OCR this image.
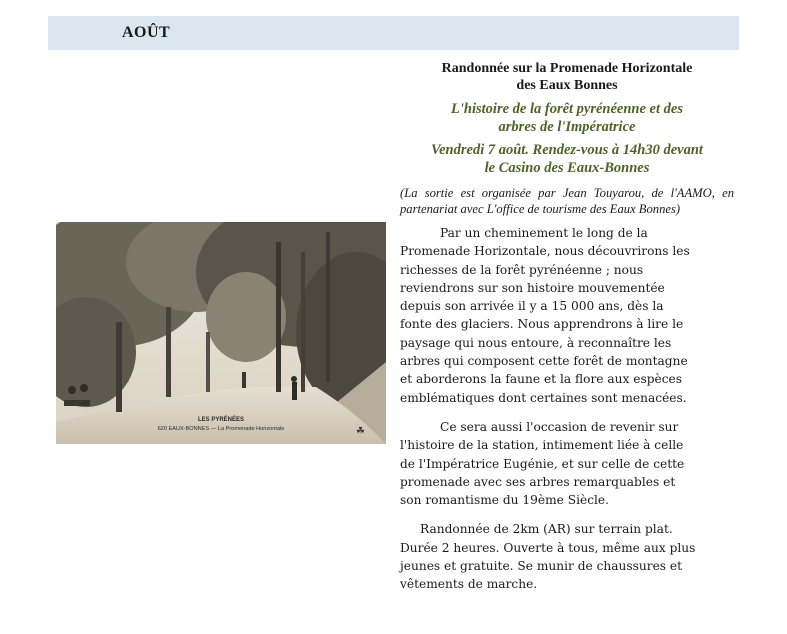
AOÛT
LES PYRÉNÉES
620 EAUX-BONNES — La Promenade Horizontale	☘

Randonnée sur la Promenade Horizontale
des Eaux Bonnes

L'histoire de la forêt pyrénéenne et des
arbres de l'Impératrice

Vendredi 7 août. Rendez-vous à 14h30 devant
le Casino des Eaux-Bonnes

(La sortie est organisée par Jean Touyarou, de l'AAMO, en partenariat avec L'office de tourisme des Eaux Bonnes)

Par un cheminement le long de la
Promenade Horizontale, nous découvrirons les
richesses de la forêt pyrénéenne ; nous
reviendrons sur son histoire mouvementée
depuis son arrivée il y a 15 000 ans, dès la
fonte des glaciers. Nous apprendrons à lire le
paysage qui nous entoure, à reconnaître les
arbres qui composent cette forêt de montagne
et aborderons la faune et la flore aux espèces
emblématiques dont certaines sont menacées.

Ce sera aussi l'occasion de revenir sur
l'histoire de la station, intimement liée à celle
de l'Impératrice Eugénie, et sur celle de cette
promenade avec ses arbres remarquables et
son romantisme du 19ème Siècle.

Randonnée de 2km (AR) sur terrain plat.
Durée 2 heures. Ouverte à tous, même aux plus
jeunes et gratuite. Se munir de chaussures et
vêtements de marche.
